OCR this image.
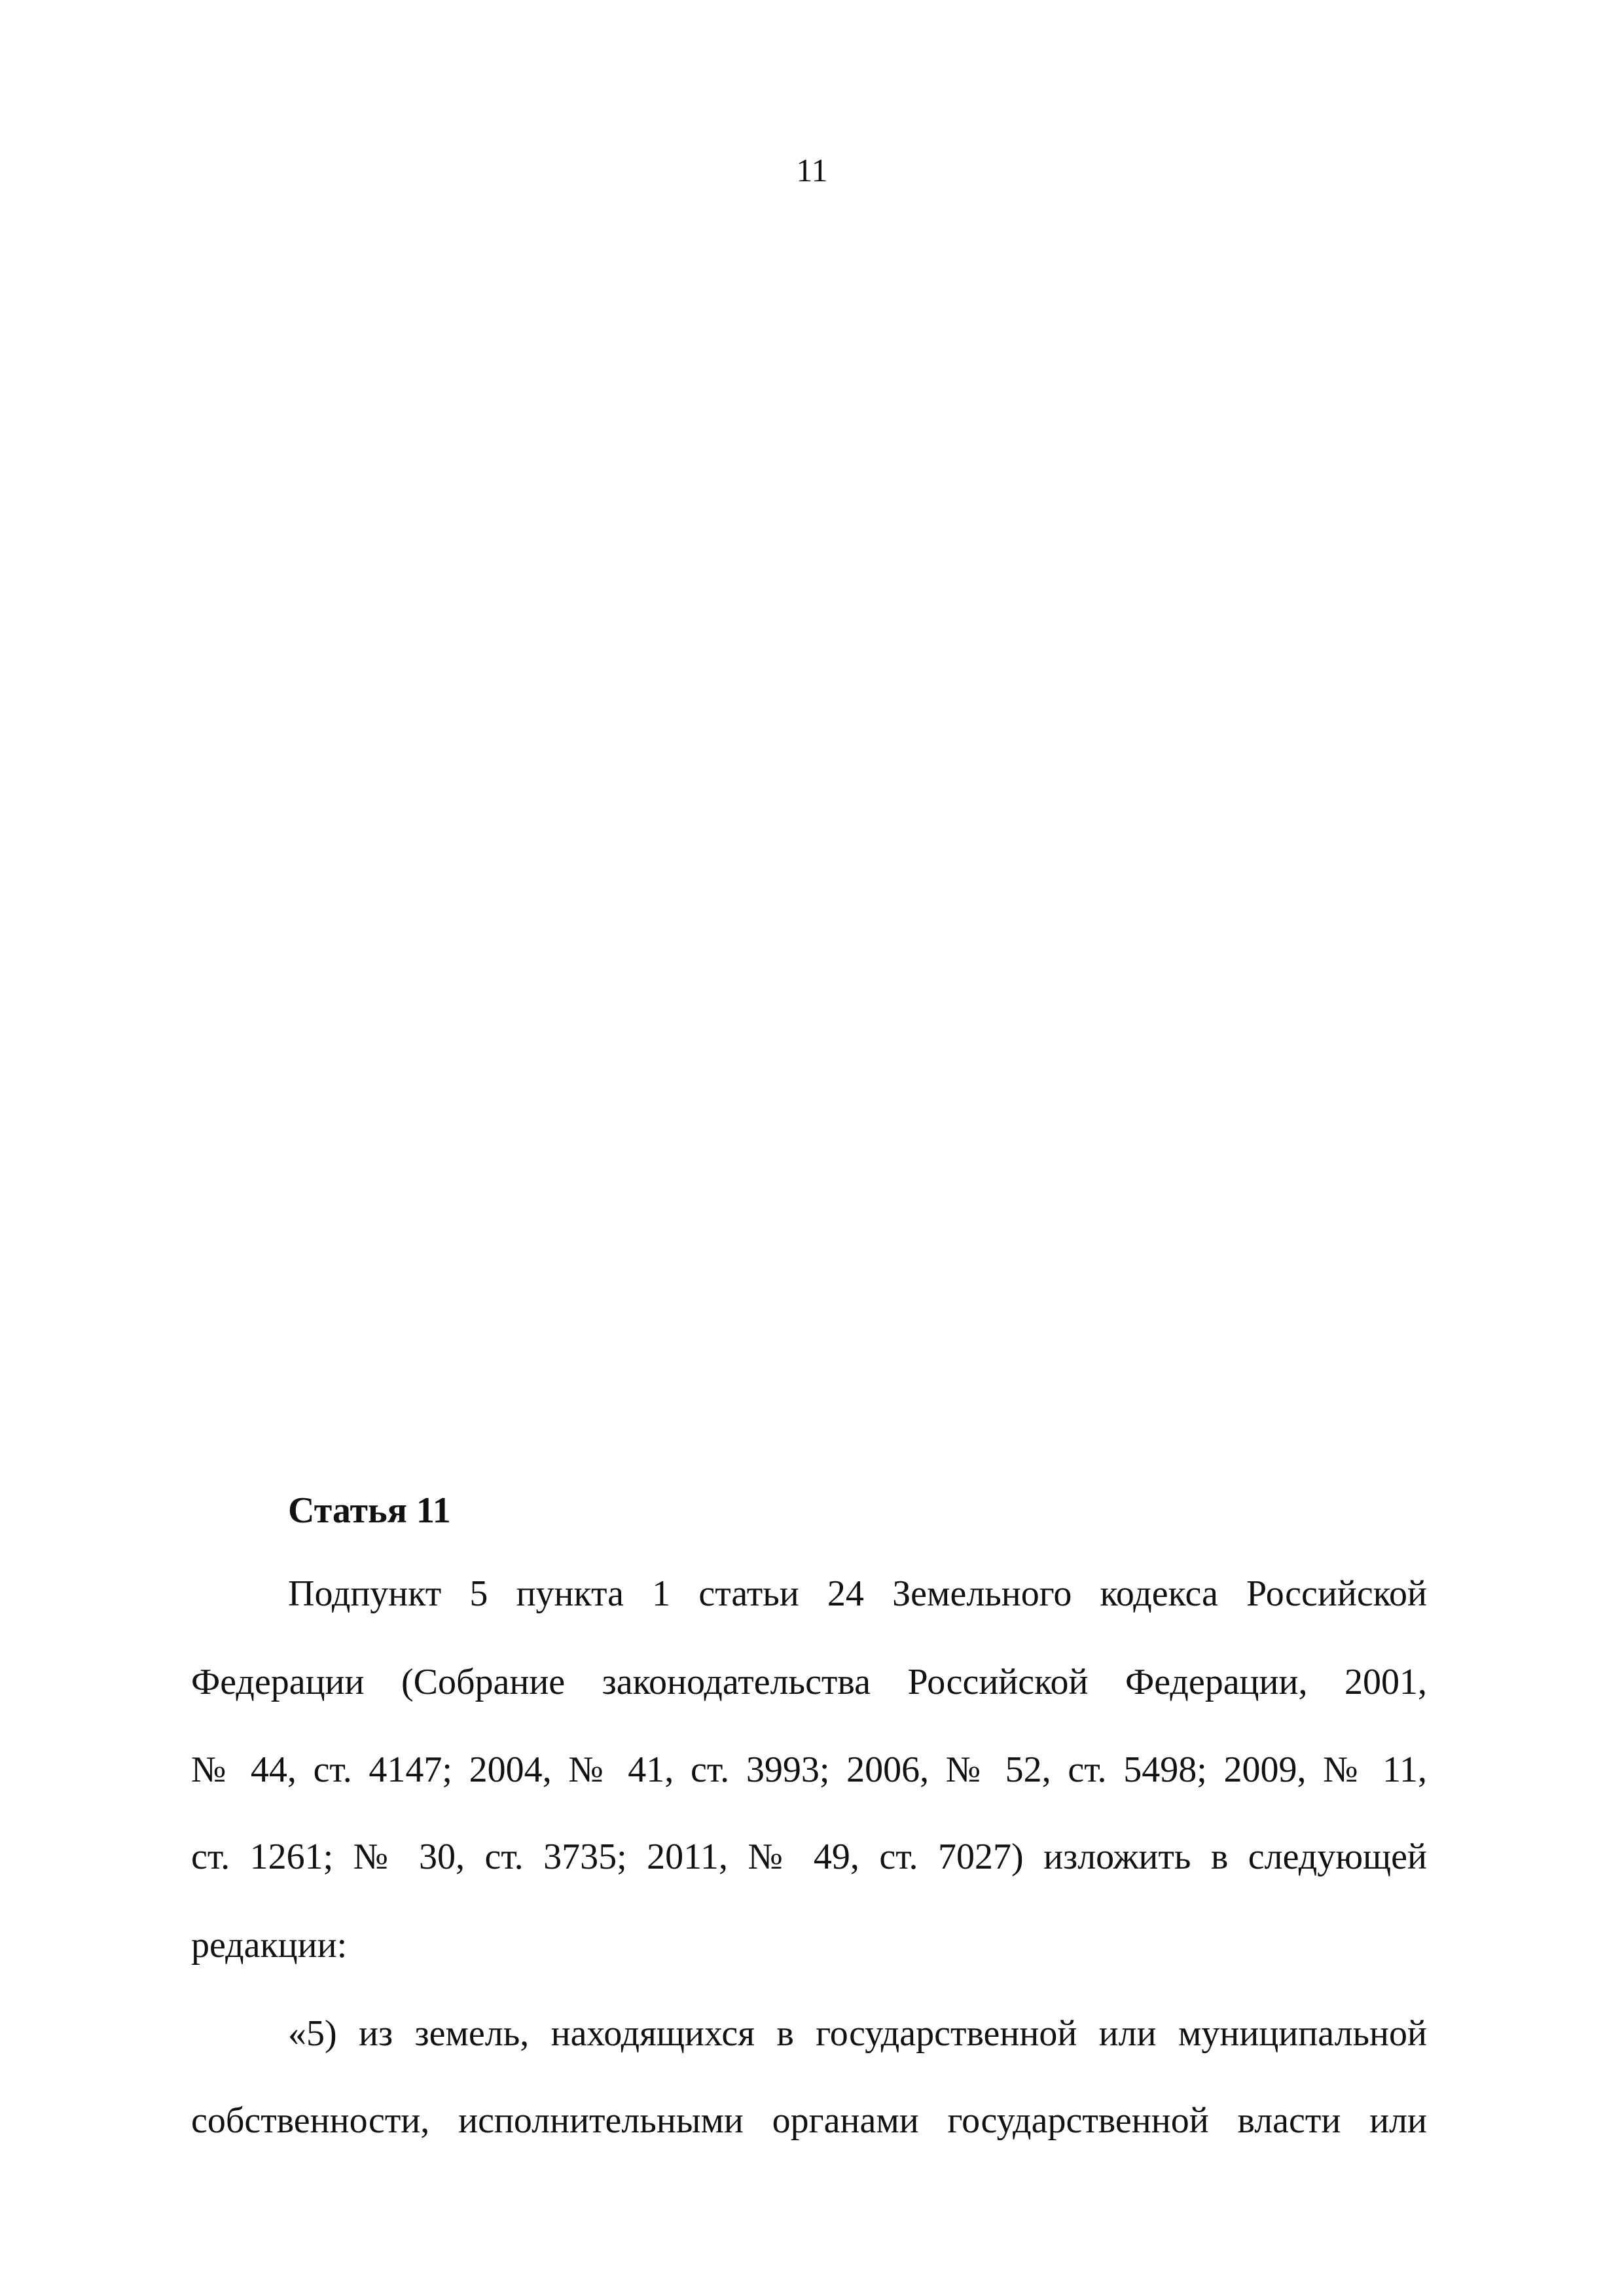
11
Статья 11
Подпункт 5 пункта 1 статьи 24 Земельного кодекса Российской
Федерации (Собрание законодательства Российской Федерации, 2001,
№ 44, ст. 4147; 2004, № 41, ст. 3993; 2006, № 52, ст. 5498; 2009, № 11,
ст. 1261; № 30, ст. 3735; 2011, № 49, ст. 7027) изложить в следующей
редакции:
«5) из земель, находящихся в государственной или муниципальной
собственности, исполнительными органами государственной власти или
